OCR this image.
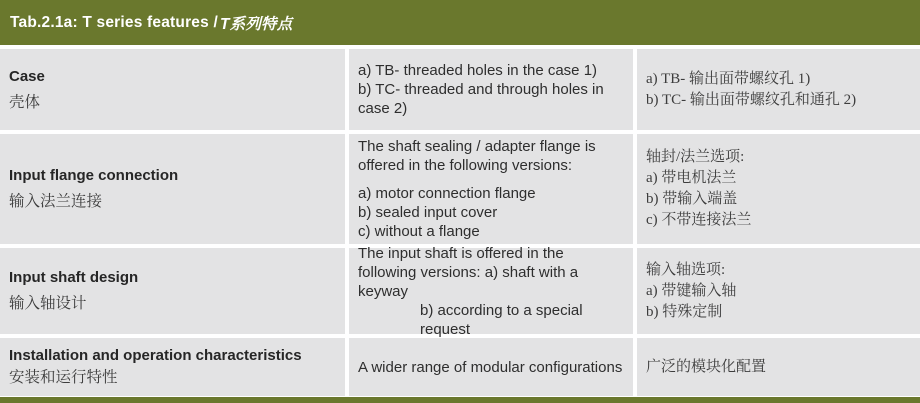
Tab.2.1a: T series features / T系列特点
Case
壳体
a) TB- threaded holes in the case 1)
b) TC- threaded and through holes in case 2)
a) TB- 输出面带螺纹孔 1)
b) TC- 输出面带螺纹孔和通孔 2)
Input flange connection
输入法兰连接
The shaft sealing / adapter flange is offered in the following versions:
a) motor connection flange
b) sealed input cover
c) without a flange
轴封/法兰选项:
a) 带电机法兰
b) 带输入端盖
c) 不带连接法兰
Input shaft design
输入轴设计
The input shaft is offered in the following versions: a) shaft with a keyway
b) according to a special request
输入轴选项:
a) 带键输入轴
b) 特殊定制
Installation and operation characteristics
安装和运行特性
A wider range of modular configurations 广泛的模块化配置
